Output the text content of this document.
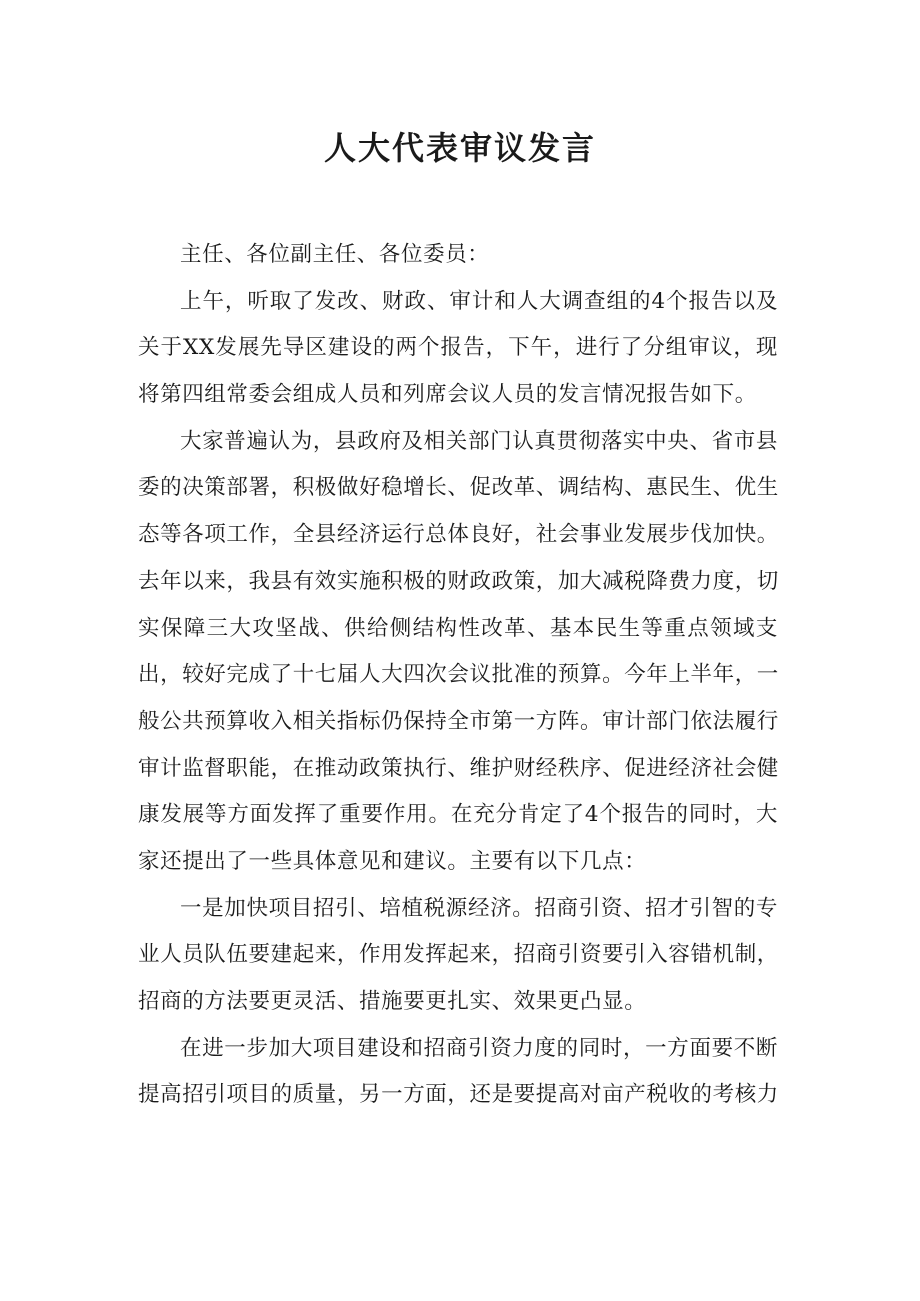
人大代表审议发言
主任、各位副主任、各位委员：
上午，听取了发改、财政、审计和人大调查组的4个报告以及
关于XX发展先导区建设的两个报告，下午，进行了分组审议，现
将第四组常委会组成人员和列席会议人员的发言情况报告如下。
大家普遍认为，县政府及相关部门认真贯彻落实中央、省市县
委的决策部署，积极做好稳增长、促改革、调结构、惠民生、优生
态等各项工作，全县经济运行总体良好，社会事业发展步伐加快。
去年以来，我县有效实施积极的财政政策，加大减税降费力度，切
实保障三大攻坚战、供给侧结构性改革、基本民生等重点领域支
出，较好完成了十七届人大四次会议批准的预算。今年上半年，一
般公共预算收入相关指标仍保持全市第一方阵。审计部门依法履行
审计监督职能，在推动政策执行、维护财经秩序、促进经济社会健
康发展等方面发挥了重要作用。在充分肯定了4个报告的同时，大
家还提出了一些具体意见和建议。主要有以下几点：
一是加快项目招引、培植税源经济。招商引资、招才引智的专
业人员队伍要建起来，作用发挥起来，招商引资要引入容错机制，
招商的方法要更灵活、措施要更扎实、效果更凸显。
在进一步加大项目建设和招商引资力度的同时，一方面要不断
提高招引项目的质量，另一方面，还是要提高对亩产税收的考核力
